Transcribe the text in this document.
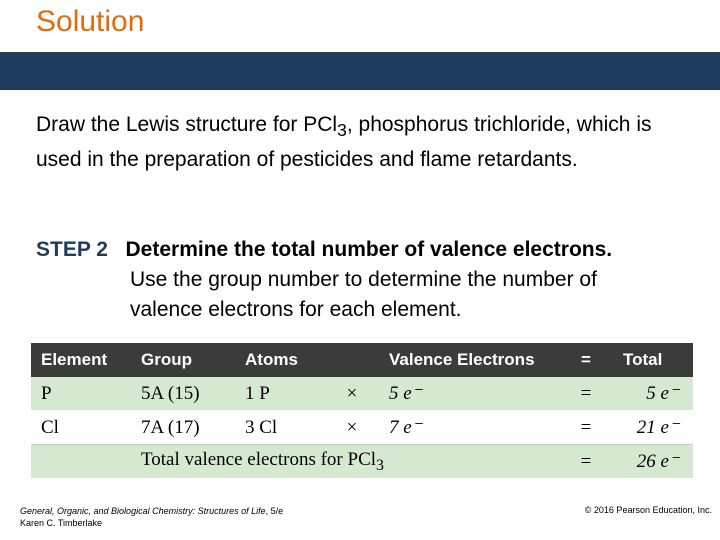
Solution
Draw the Lewis structure for PCl$_3$, phosphorus trichloride, which is used in the preparation of pesticides and flame retardants.
STEP 2 Determine the total number of valence electrons.
Use the group number to determine the number of
valence electrons for each element.
Element	Group	Atoms		Valence Electrons	=	Total
P	5A (15)	1 P	×	5 e⁻	=	5 e⁻
Cl	7A (17)	3 Cl	×	7 e⁻	=	21 e⁻
	Total valence electrons for PCl$_3$				=	26 e⁻
General, Organic, and Biological Chemistry: Structures of Life, 5/e
Karen C. Timberlake
© 2016 Pearson Education, Inc.
